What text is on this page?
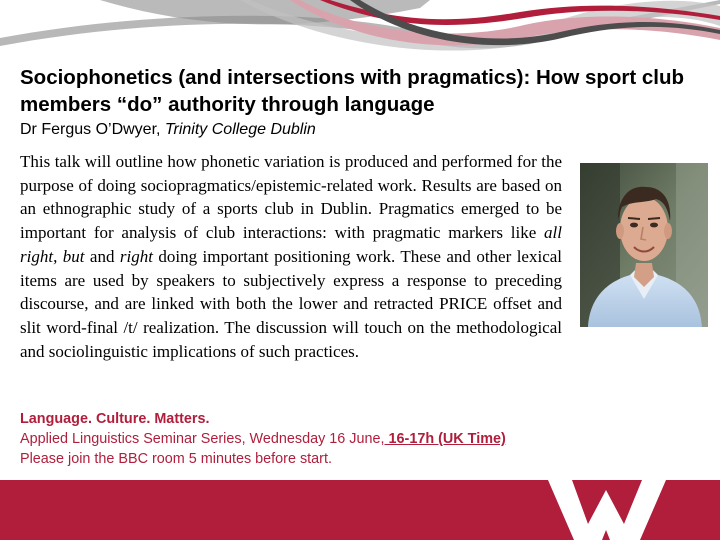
Sociophonetics (and intersections with pragmatics): How sport club
members “do” authority through language
Dr Fergus O’Dwyer, Trinity College Dublin
This talk will outline how phonetic variation is produced and performed for the purpose of doing sociopragmatics/epistemic-related work. Results are based on an ethnographic study of a sports club in Dublin. Pragmatics emerged to be important for analysis of club interactions: with pragmatic markers like all right, but and right doing important positioning work. These and other lexical items are used by speakers to subjectively express a response to preceding discourse, and are linked with both the lower and retracted PRICE offset and slit word-final /t/ realization. The discussion will touch on the methodological and sociolinguistic implications of such practices.
Language. Culture. Matters.
Applied Linguistics Seminar Series, Wednesday 16 June, 16-17h (UK Time)
Please join the BBC room 5 minutes before start.
